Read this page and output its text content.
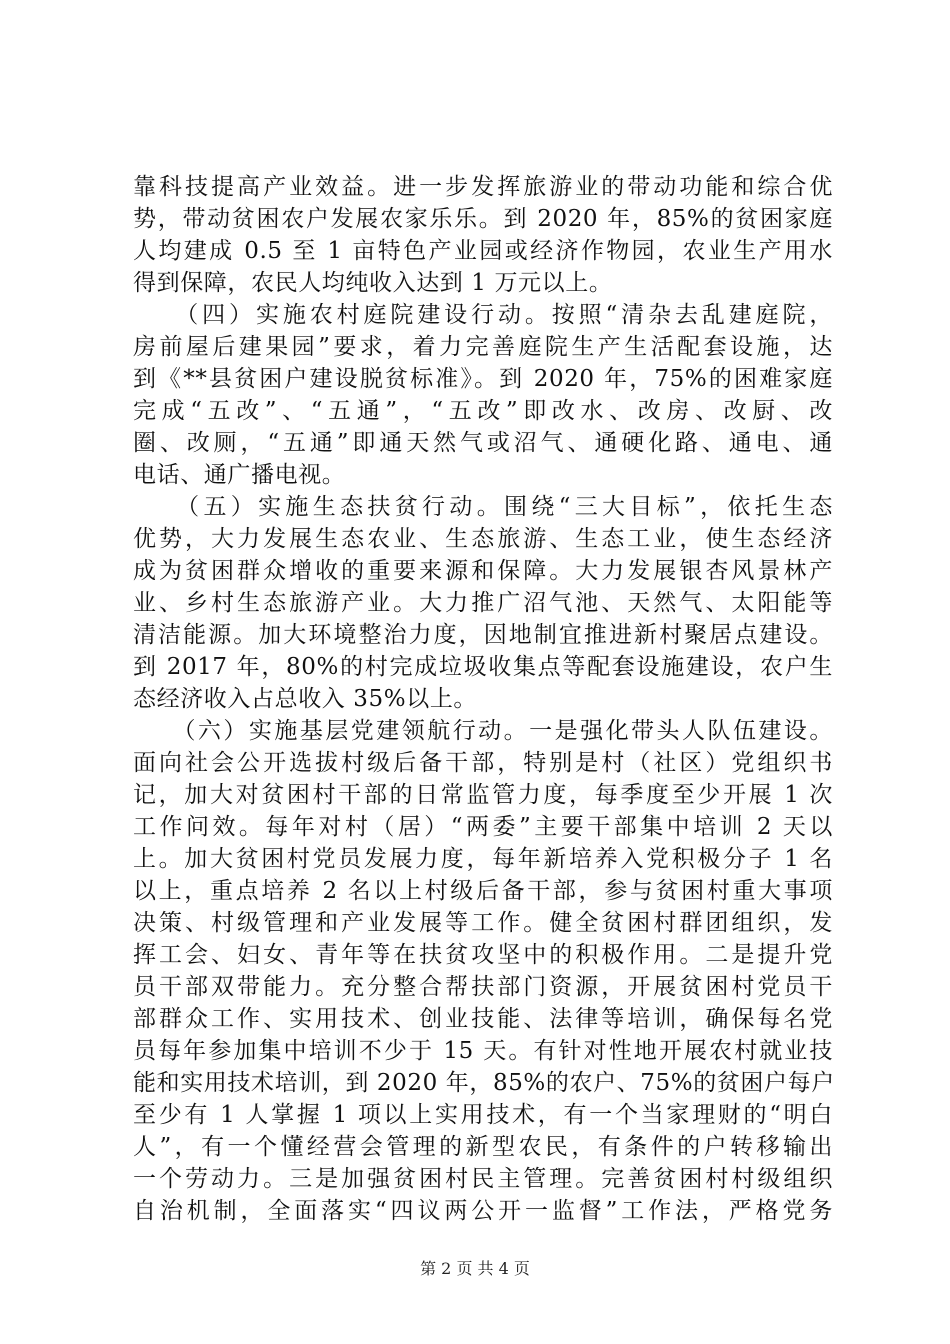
靠科技提高产业效益。进一步发挥旅游业的带动功能和综合优
势，带动贫困农户发展农家乐乐。到 2020 年，85%的贫困家庭
人均建成 0.5 至 1 亩特色产业园或经济作物园，农业生产用水
得到保障，农民人均纯收入达到 1 万元以上。
　　（四）实施农村庭院建设行动。按照“清杂去乱建庭院，
房前屋后建果园”要求，着力完善庭院生产生活配套设施，达
到《**县贫困户建设脱贫标准》。到 2020 年，75%的困难家庭
完成“五改”、“五通”，“五改”即改水、改房、改厨、改
圈、改厕，“五通”即通天然气或沼气、通硬化路、通电、通
电话、通广播电视。
　　（五）实施生态扶贫行动。围绕“三大目标”，依托生态
优势，大力发展生态农业、生态旅游、生态工业，使生态经济
成为贫困群众增收的重要来源和保障。大力发展银杏风景林产
业、乡村生态旅游产业。大力推广沼气池、天然气、太阳能等
清洁能源。加大环境整治力度，因地制宜推进新村聚居点建设。
到 2017 年，80%的村完成垃圾收集点等配套设施建设，农户生
态经济收入占总收入 35%以上。
　　（六）实施基层党建领航行动。一是强化带头人队伍建设。
面向社会公开选拔村级后备干部，特别是村（社区）党组织书
记，加大对贫困村干部的日常监管力度，每季度至少开展 1 次
工作问效。每年对村（居）“两委”主要干部集中培训 2 天以
上。加大贫困村党员发展力度，每年新培养入党积极分子 1 名
以上，重点培养 2 名以上村级后备干部，参与贫困村重大事项
决策、村级管理和产业发展等工作。健全贫困村群团组织，发
挥工会、妇女、青年等在扶贫攻坚中的积极作用。二是提升党
员干部双带能力。充分整合帮扶部门资源，开展贫困村党员干
部群众工作、实用技术、创业技能、法律等培训，确保每名党
员每年参加集中培训不少于 15 天。有针对性地开展农村就业技
能和实用技术培训，到 2020 年，85%的农户、75%的贫困户每户
至少有 1 人掌握 1 项以上实用技术，有一个当家理财的“明白
人”，有一个懂经营会管理的新型农民，有条件的户转移输出
一个劳动力。三是加强贫困村民主管理。完善贫困村村级组织
自治机制，全面落实“四议两公开一监督”工作法，严格党务
第 2 页 共 4 页
